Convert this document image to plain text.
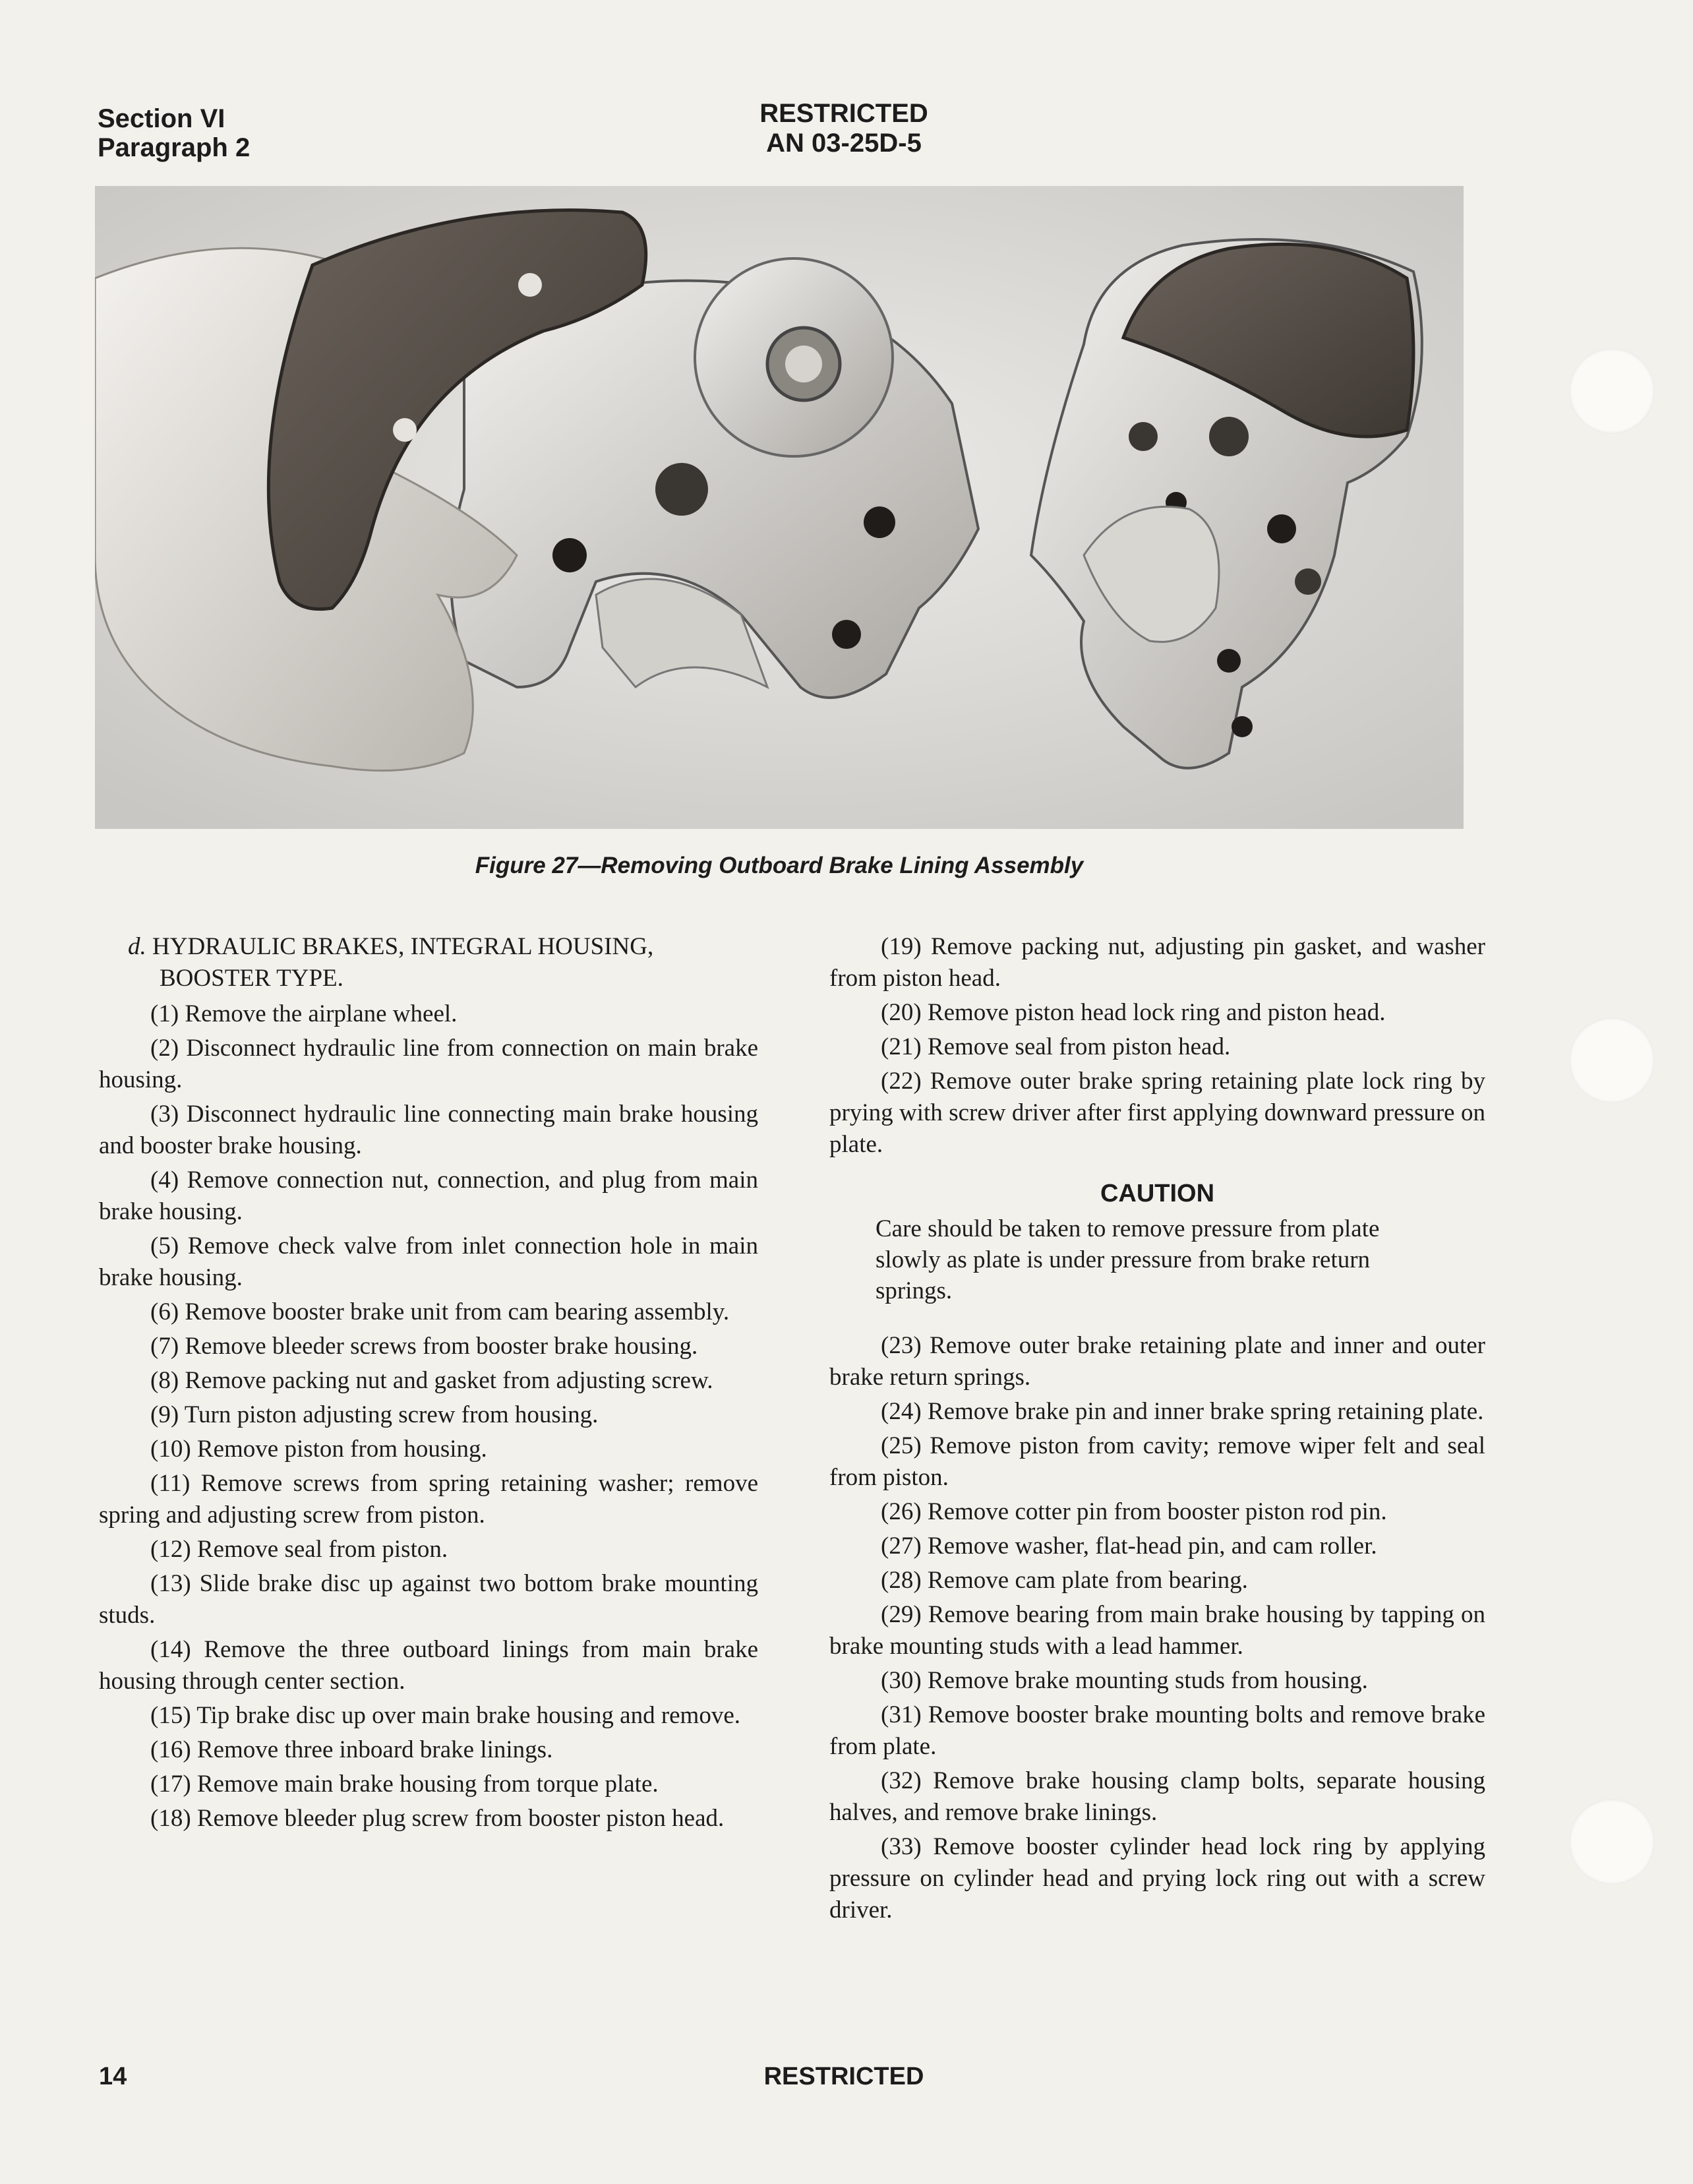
Section VI
Paragraph 2
RESTRICTED
AN 03-25D-5
Figure 27—Removing Outboard Brake Lining Assembly

d. HYDRAULIC BRAKES, INTEGRAL HOUSING,
BOOSTER TYPE.

(1) Remove the airplane wheel.

(2) Disconnect hydraulic line from connection on main brake housing.

(3) Disconnect hydraulic line connecting main brake housing and booster brake housing.

(4) Remove connection nut, connection, and plug from main brake housing.

(5) Remove check valve from inlet connection hole in main brake housing.

(6) Remove booster brake unit from cam bearing assembly.

(7) Remove bleeder screws from booster brake housing.

(8) Remove packing nut and gasket from adjusting screw.

(9) Turn piston adjusting screw from housing.

(10) Remove piston from housing.

(11) Remove screws from spring retaining washer; remove spring and adjusting screw from piston.

(12) Remove seal from piston.

(13) Slide brake disc up against two bottom brake mounting studs.

(14) Remove the three outboard linings from main brake housing through center section.

(15) Tip brake disc up over main brake housing and remove.

(16) Remove three inboard brake linings.

(17) Remove main brake housing from torque plate.

(18) Remove bleeder plug screw from booster piston head.

(19) Remove packing nut, adjusting pin gasket, and washer from piston head.

(20) Remove piston head lock ring and piston head.

(21) Remove seal from piston head.

(22) Remove outer brake spring retaining plate lock ring by prying with screw driver after first applying downward pressure on plate.

CAUTION
Care should be taken to remove pressure from plate slowly as plate is under pressure from brake return springs.

(23) Remove outer brake retaining plate and inner and outer brake return springs.

(24) Remove brake pin and inner brake spring retaining plate.

(25) Remove piston from cavity; remove wiper felt and seal from piston.

(26) Remove cotter pin from booster piston rod pin.

(27) Remove washer, flat-head pin, and cam roller.

(28) Remove cam plate from bearing.

(29) Remove bearing from main brake housing by tapping on brake mounting studs with a lead hammer.

(30) Remove brake mounting studs from housing.

(31) Remove booster brake mounting bolts and remove brake from plate.

(32) Remove brake housing clamp bolts, separate housing halves, and remove brake linings.

(33) Remove booster cylinder head lock ring by applying pressure on cylinder head and prying lock ring out with a screw driver.

14	RESTRICTED
